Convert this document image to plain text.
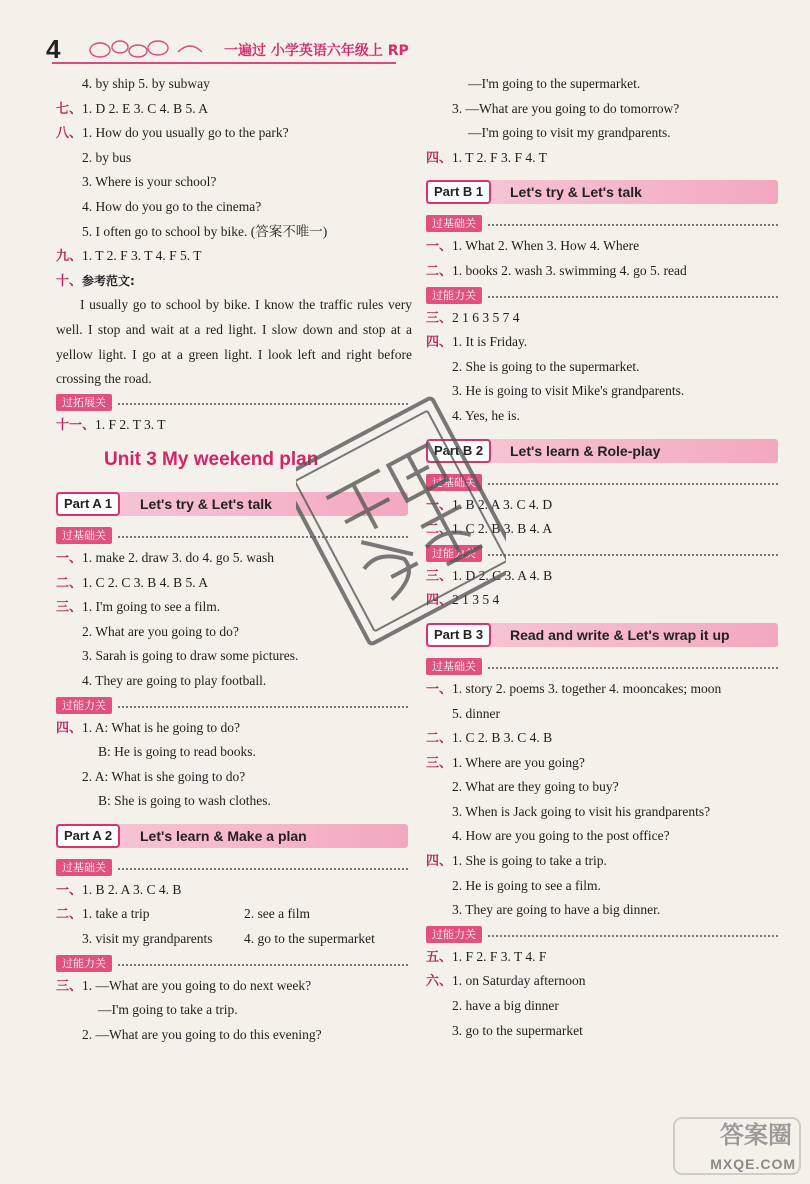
4	一遍过 小学英语六年级上 RP
4. by ship 5. by subway
七、1. D 2. E 3. C 4. B 5. A
八、1. How do you usually go to the park?
2. by bus
3. Where is your school?
4. How do you go to the cinema?
5. I often go to school by bike. (答案不唯一)
九、1. T 2. F 3. T 4. F 5. T
十、参考范文:
I usually go to school by bike. I know the traffic rules very well. I stop and wait at a red light. I slow down and stop at a yellow light. I go at a green light. I look left and right before crossing the road.
过拓展关
十一、1. F 2. T 3. T
Unit 3 My weekend plan
Part A 1	Let's try & Let's talk
过基础关
一、1. make 2. draw 3. do 4. go 5. wash
二、1. C 2. C 3. B 4. B 5. A
三、1. I'm going to see a film.
2. What are you going to do?
3. Sarah is going to draw some pictures.
4. They are going to play football.
过能力关
四、1. A: What is he going to do?
B: He is going to read books.
2. A: What is she going to do?
B: She is going to wash clothes.
Part A 2	Let's learn & Make a plan
过基础关
一、1. B 2. A 3. C 4. B
二、1. take a trip	2. see a film
3. visit my grandparents 4. go to the supermarket
过能力关
三、1. —What are you going to do next week?
—I'm going to take a trip.
2. —What are you going to do this evening?
—I'm going to the supermarket.
3. —What are you going to do tomorrow?
—I'm going to visit my grandparents.
四、1. T 2. F 3. F 4. T
Part B 1	Let's try & Let's talk
过基础关
一、1. What 2. When 3. How 4. Where
二、1. books 2. wash 3. swimming 4. go 5. read
过能力关
三、2 1 6 3 5 7 4
四、1. It is Friday.
2. She is going to the supermarket.
3. He is going to visit Mike's grandparents.
4. Yes, he is.
Part B 2	Let's learn & Role-play
过基础关
一、1. B 2. A 3. C 4. D
二、1. C 2. B 3. B 4. A
过能力关
三、1. D 2. C 3. A 4. B
四、2 1 3 5 4
Part B 3	Read and write & Let's wrap it up
过基础关
一、1. story 2. poems 3. together 4. mooncakes; moon
5. dinner
二、1. C 2. B 3. C 4. B
三、1. Where are you going?
2. What are they going to buy?
3. When is Jack going to visit his grandparents?
4. How are you going to the post office?
四、1. She is going to take a trip.
2. He is going to see a film.
3. They are going to have a big dinner.
过能力关
五、1. F 2. F 3. T 4. F
六、1. on Saturday afternoon
2. have a big dinner
3. go to the supermarket
答案圈
MXQE.COM
